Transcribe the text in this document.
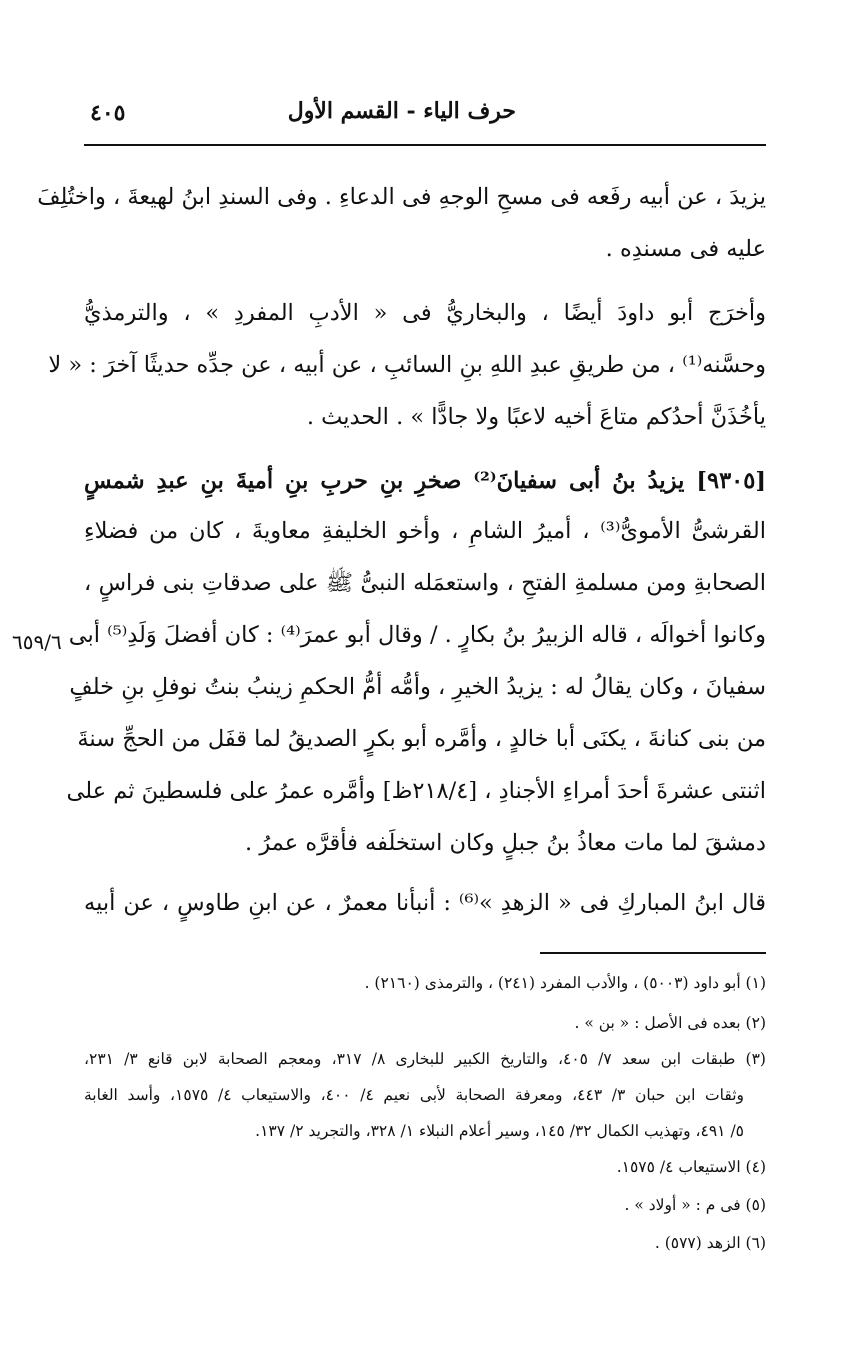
٤٠٥	حرف الياء - القسم الأول
٦٥٩/٦
يزيدَ ، عن أبيه رفَعه فى مسحِ الوجهِ فى الدعاءِ . وفى السندِ ابنُ لهيعةَ ، واختُلِفَ
عليه فى مسندِه .
وأخرَج أبو داودَ أيضًا ، والبخاريُّ فى « الأدبِ المفردِ » ، والترمذيُّ
وحسَّنه⁽¹⁾ ، من طريقِ عبدِ اللهِ بنِ السائبِ ، عن أبيه ، عن جدِّه حديثًا آخرَ : « لا
يأخُذَنَّ أحدُكم متاعَ أخيه لاعبًا ولا جادًّا » . الحديث .
[٩٣٠٥] يزيدُ بنُ أبى سفيانَ⁽²⁾ صخرِ بنِ حربِ بنِ أميةَ بنِ عبدِ شمسٍ
القرشىُّ الأموىُّ⁽³⁾ ، أميرُ الشامِ ، وأخو الخليفةِ معاويةَ ، كان من فضلاءِ
الصحابةِ ومن مسلمةِ الفتحِ ، واستعمَله النبىُّ ﷺ على صدقاتِ بنى فراسٍ ،
وكانوا أخوالَه ، قاله الزبيرُ بنُ بكارٍ . / وقال أبو عمرَ⁽⁴⁾ : كان أفضلَ وَلَدِ⁽⁵⁾ أبى
سفيانَ ، وكان يقالُ له : يزيدُ الخيرِ ، وأمُّه أمُّ الحكمِ زينبُ بنتُ نوفلِ بنِ خلفٍ
من بنى كنانةَ ، يكنَى أبا خالدٍ ، وأمَّره أبو بكرٍ الصديقُ لما قفَل من الحجِّ سنةَ
اثنتى عشرةَ أحدَ أمراءِ الأجنادِ ، [٢١٨/٤ظ] وأمَّره عمرُ على فلسطينَ ثم على
دمشقَ لما مات معاذُ بنُ جبلٍ وكان استخلَفه فأقرَّه عمرُ .
قال ابنُ المباركِ فى « الزهدِ »⁽⁶⁾ : أنبأنا معمرٌ ، عن ابنِ طاوسٍ ، عن أبيه
(١) أبو داود (٥٠٠٣) ، والأدب المفرد (٢٤١) ، والترمذى (٢١٦٠) .
(٢) بعده فى الأصل : « بن » .
(٣) طبقات ابن سعد ٧/ ٤٠٥، والتاريخ الكبير للبخارى ٨/ ٣١٧، ومعجم الصحابة لابن قانع ٣/ ٢٣١،
وثقات ابن حبان ٣/ ٤٤٣، ومعرفة الصحابة لأبى نعيم ٤/ ٤٠٠، والاستيعاب ٤/ ١٥٧٥، وأسد الغابة
٥/ ٤٩١، وتهذيب الكمال ٣٢/ ١٤٥، وسير أعلام النبلاء ١/ ٣٢٨، والتجريد ٢/ ١٣٧.
(٤) الاستيعاب ٤/ ١٥٧٥.
(٥) فى م : « أولاد » .
(٦) الزهد (٥٧٧) .
